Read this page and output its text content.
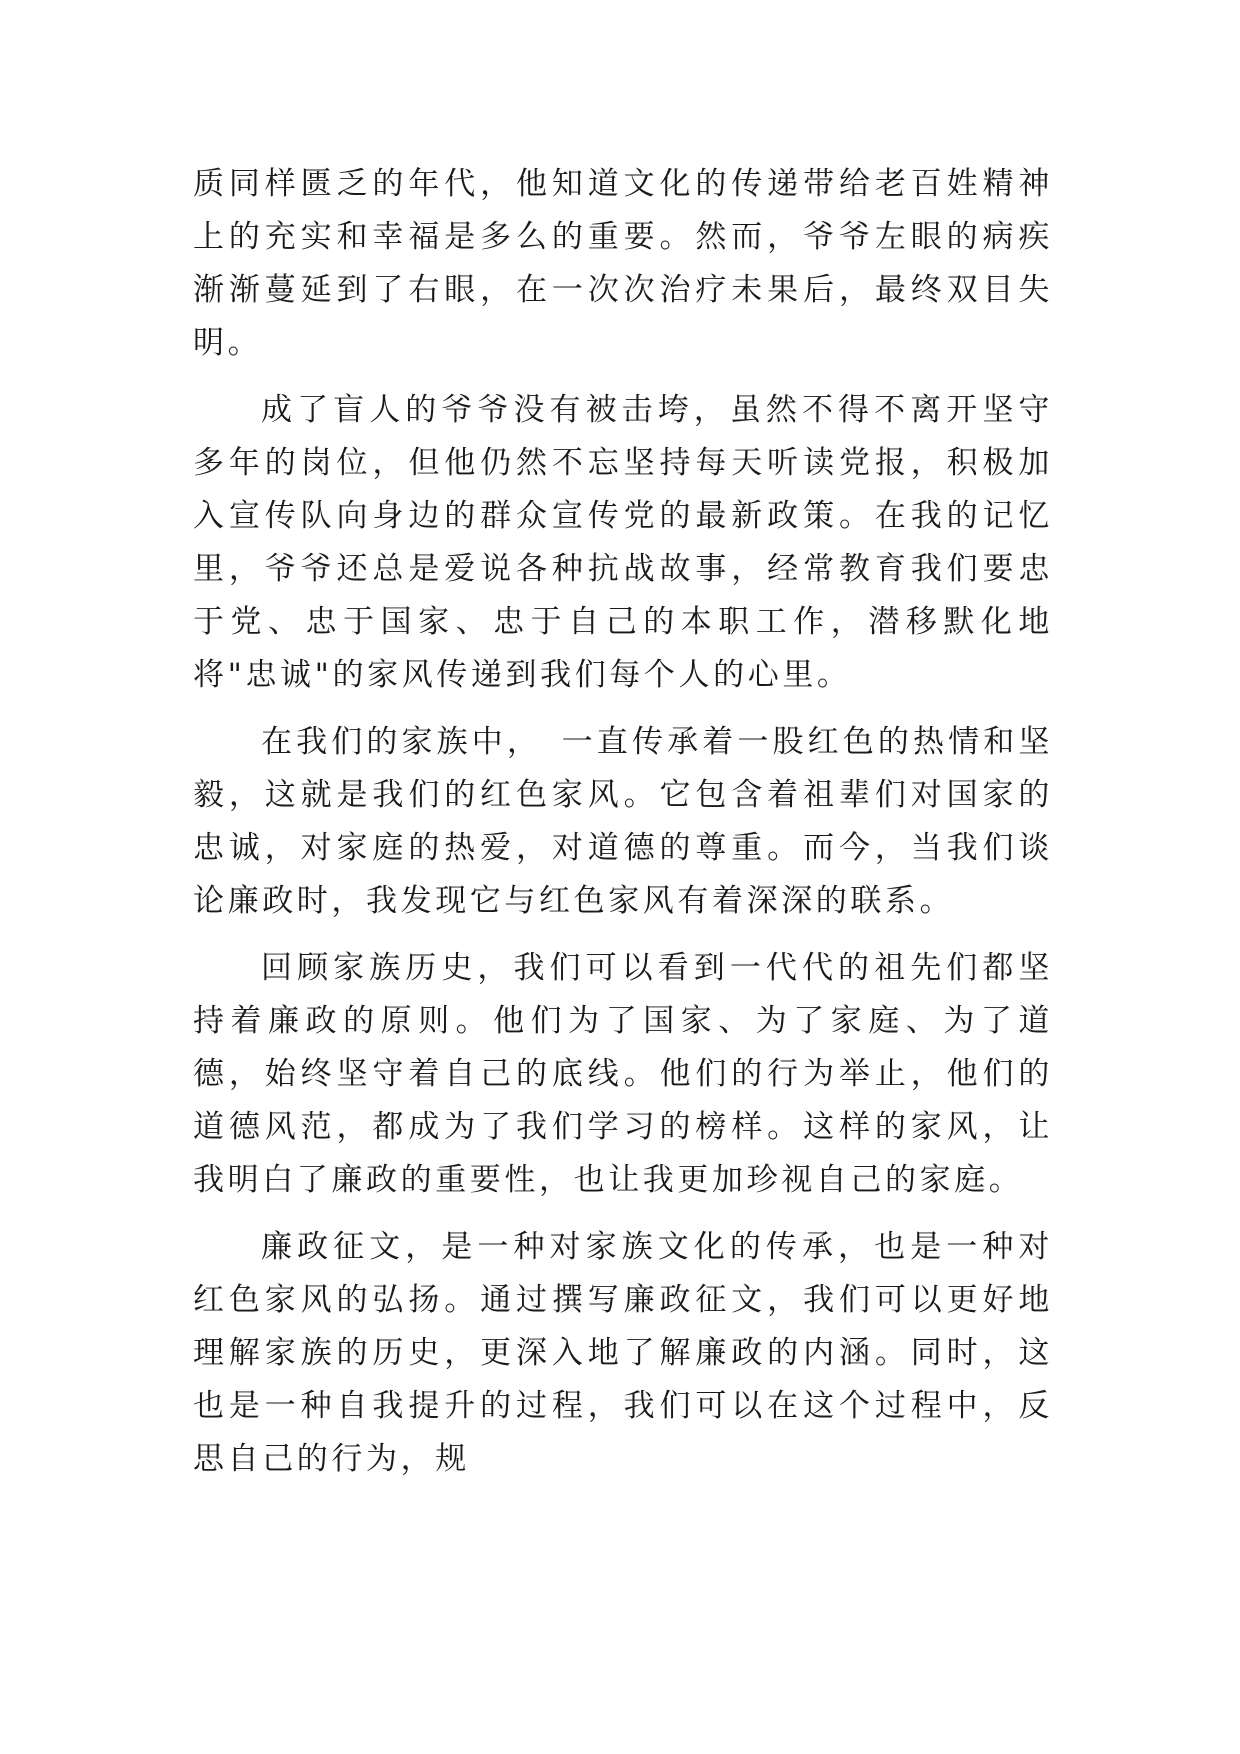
质同样匮乏的年代，他知道文化的传递带给老百姓精神上的充实和幸福是多么的重要。然而，爷爷左眼的病疾渐渐蔓延到了右眼，在一次次治疗未果后，最终双目失明。

成了盲人的爷爷没有被击垮，虽然不得不离开坚守多年的岗位，但他仍然不忘坚持每天听读党报，积极加入宣传队向身边的群众宣传党的最新政策。在我的记忆里，爷爷还总是爱说各种抗战故事，经常教育我们要忠于党、忠于国家、忠于自己的本职工作，潜移默化地将"忠诚"的家风传递到我们每个人的心里。

在我们的家族中，　一直传承着一股红色的热情和坚毅，这就是我们的红色家风。它包含着祖辈们对国家的忠诚，对家庭的热爱，对道德的尊重。而今，当我们谈论廉政时，我发现它与红色家风有着深深的联系。

回顾家族历史，我们可以看到一代代的祖先们都坚持着廉政的原则。他们为了国家、为了家庭、为了道德，始终坚守着自己的底线。他们的行为举止，他们的道德风范，都成为了我们学习的榜样。这样的家风，让我明白了廉政的重要性，也让我更加珍视自己的家庭。

廉政征文，是一种对家族文化的传承，也是一种对红色家风的弘扬。通过撰写廉政征文，我们可以更好地理解家族的历史，更深入地了解廉政的内涵。同时，这也是一种自我提升的过程，我们可以在这个过程中，反思自己的行为，规
